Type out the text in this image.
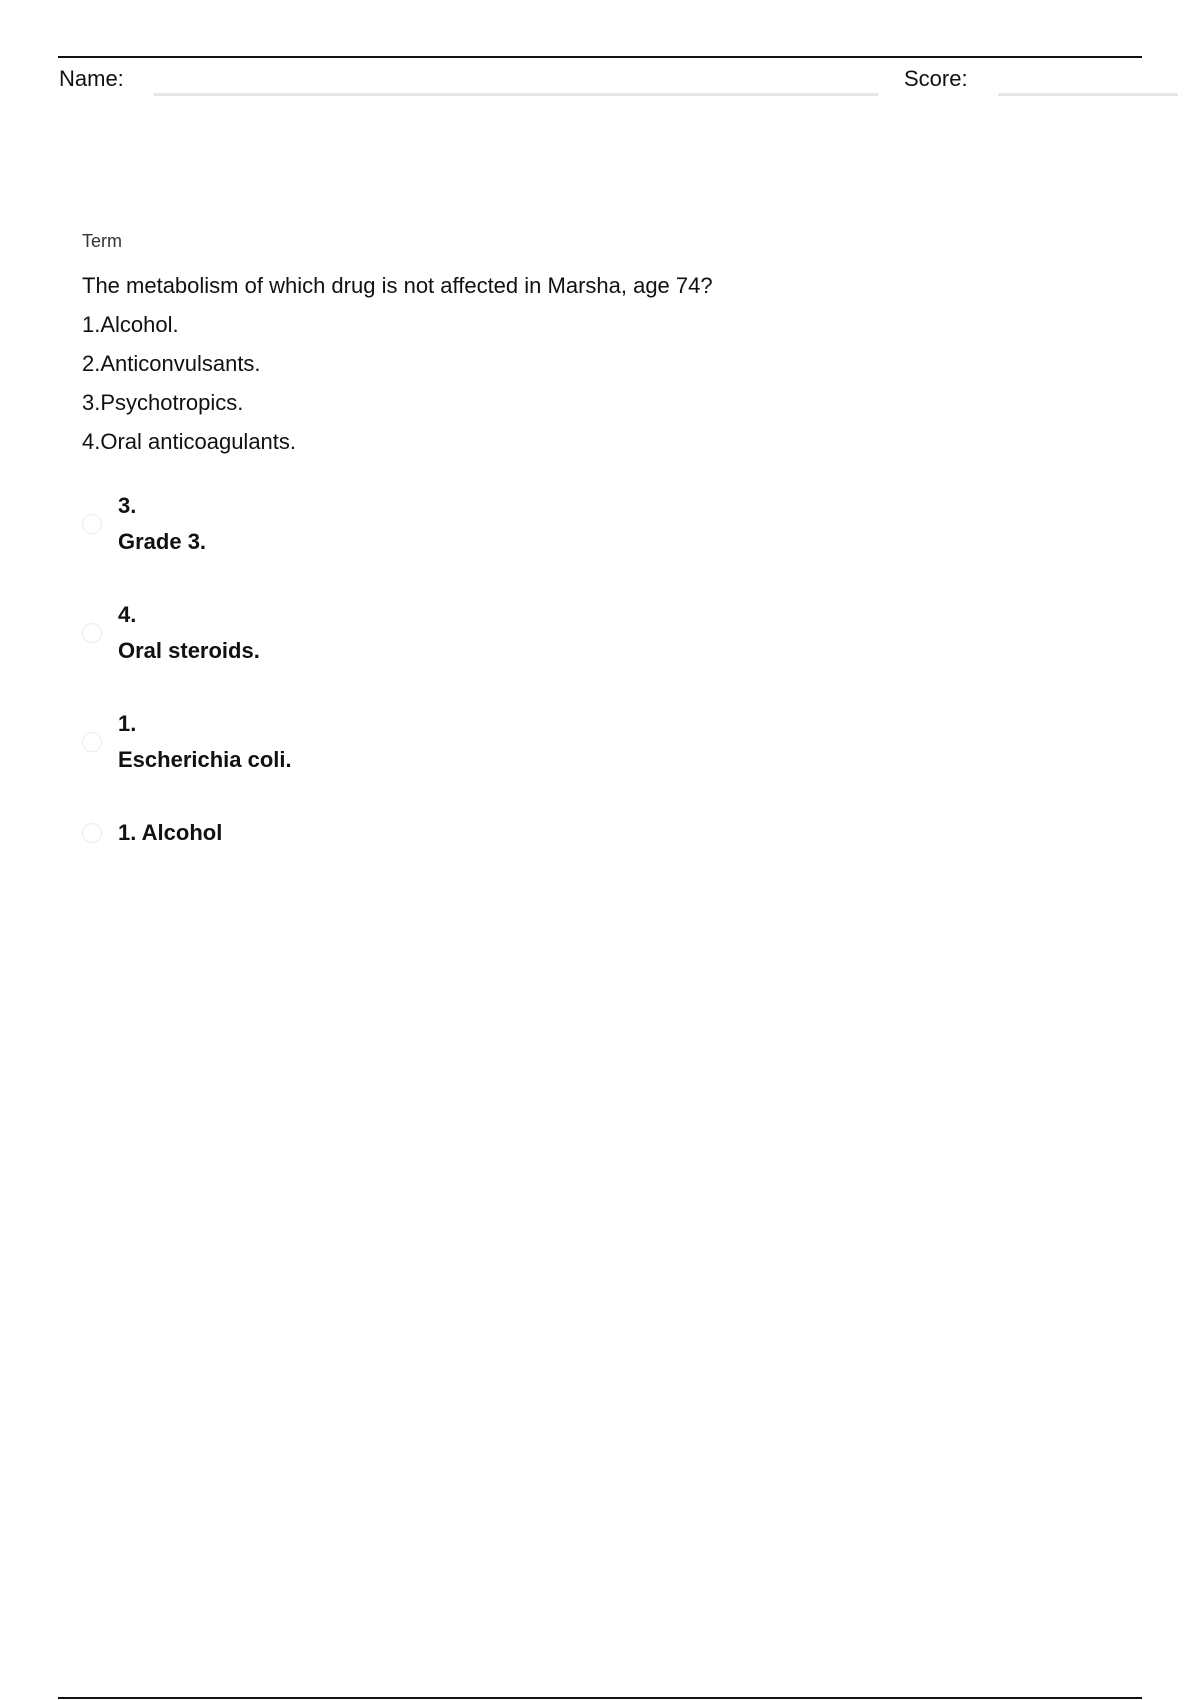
Name:	Score:
Term
The metabolism of which drug is not affected in Marsha, age 74?
1.Alcohol.
2.Anticonvulsants.
3.Psychotropics.
4.Oral anticoagulants.
3.
Grade 3.
4.
Oral steroids.
1.
Escherichia coli.
1. Alcohol
